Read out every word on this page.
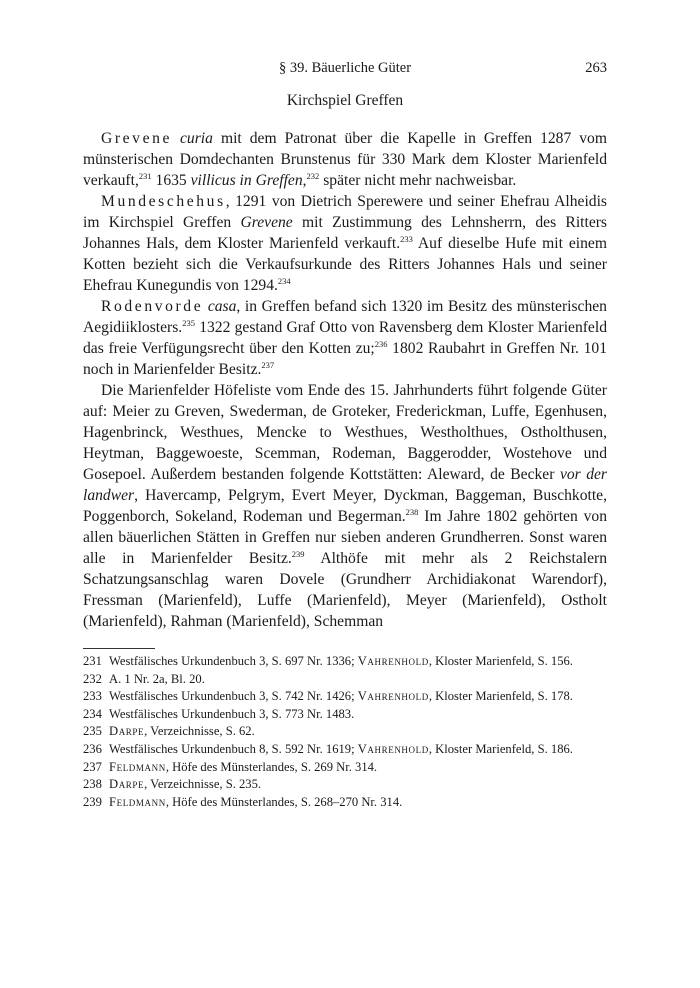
§ 39. Bäuerliche Güter	263
Kirchspiel Greffen

Grevene curia mit dem Patronat über die Kapelle in Greffen 1287 vom münsterischen Domdechanten Brunstenus für 330 Mark dem Kloster Marienfeld verkauft,$^{231}$ 1635 villicus in Greffen,$^{232}$ später nicht mehr nachweisbar.

Mundeschehus, 1291 von Dietrich Sperewere und seiner Ehefrau Alheidis im Kirchspiel Greffen Grevene mit Zustimmung des Lehnsherrn, des Ritters Johannes Hals, dem Kloster Marienfeld verkauft.$^{233}$ Auf dieselbe Hufe mit einem Kotten bezieht sich die Verkaufsurkunde des Ritters Johannes Hals und seiner Ehefrau Kunegundis von 1294.$^{234}$

Rodenvorde casa, in Greffen befand sich 1320 im Besitz des münsterischen Aegidiiklosters.$^{235}$ 1322 gestand Graf Otto von Ravensberg dem Kloster Marienfeld das freie Verfügungsrecht über den Kotten zu;$^{236}$ 1802 Raubahrt in Greffen Nr. 101 noch in Marienfelder Besitz.$^{237}$

Die Marienfelder Höfeliste vom Ende des 15. Jahrhunderts führt folgende Güter auf: Meier zu Greven, Swederman, de Groteker, Frederickman, Luffe, Egenhusen, Hagenbrinck, Westhues, Mencke to Westhues, Westholthues, Ostholthusen, Heytman, Baggewoeste, Scemman, Rodeman, Baggerodder, Wostehove und Gosepoel. Außerdem bestanden folgende Kottstätten: Aleward, de Becker vor der landwer, Havercamp, Pelgrym, Evert Meyer, Dyckman, Baggeman, Buschkotte, Poggenborch, Sokeland, Rodeman und Begerman.$^{238}$ Im Jahre 1802 gehörten von allen bäuerlichen Stätten in Greffen nur sieben anderen Grundherren. Sonst waren alle in Marienfelder Besitz.$^{239}$ Althöfe mit mehr als 2 Reichstalern Schatzungsanschlag waren Dovele (Grundherr Archidiakonat Warendorf), Fressman (Marienfeld), Luffe (Marienfeld), Meyer (Marienfeld), Ostholt (Marienfeld), Rahman (Marienfeld), Schemman

231 Westfälisches Urkundenbuch 3, S. 697 Nr. 1336; Vahrenhold, Kloster Marienfeld, S. 156.
232 A. 1 Nr. 2a, Bl. 20.
233 Westfälisches Urkundenbuch 3, S. 742 Nr. 1426; Vahrenhold, Kloster Marienfeld, S. 178.
234 Westfälisches Urkundenbuch 3, S. 773 Nr. 1483.
235 Darpe, Verzeichnisse, S. 62.
236 Westfälisches Urkundenbuch 8, S. 592 Nr. 1619; Vahrenhold, Kloster Marienfeld, S. 186.
237 Feldmann, Höfe des Münsterlandes, S. 269 Nr. 314.
238 Darpe, Verzeichnisse, S. 235.
239 Feldmann, Höfe des Münsterlandes, S. 268–270 Nr. 314.
